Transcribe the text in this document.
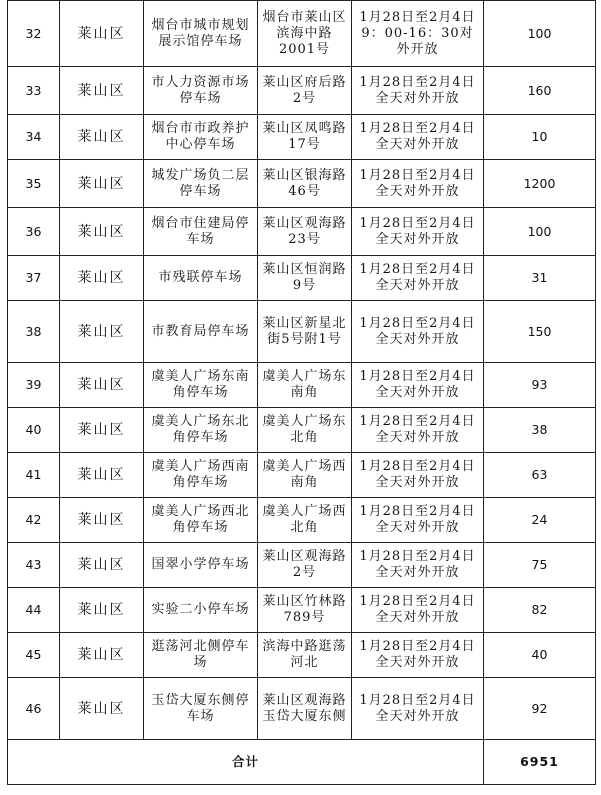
32	莱山区	烟台市城市规划展示馆停车场	烟台市莱山区滨海中路2001号	1月28日至2月4日9：00-16：30对外开放	100
33	莱山区	市人力资源市场停车场	莱山区府后路2号	1月28日至2月4日全天对外开放	160
34	莱山区	烟台市市政养护中心停车场	莱山区凤鸣路17号	1月28日至2月4日全天对外开放	10
35	莱山区	城发广场负二层停车场	莱山区银海路46号	1月28日至2月4日全天对外开放	1200
36	莱山区	烟台市住建局停车场	莱山区观海路23号	1月28日至2月4日全天对外开放	100
37	莱山区	市残联停车场	莱山区恒润路9号	1月28日至2月4日全天对外开放	31
38	莱山区	市教育局停车场	莱山区新星北街5号附1号	1月28日至2月4日全天对外开放	150
39	莱山区	虞美人广场东南角停车场	虞美人广场东南角	1月28日至2月4日全天对外开放	93
40	莱山区	虞美人广场东北角停车场	虞美人广场东北角	1月28日至2月4日全天对外开放	38
41	莱山区	虞美人广场西南角停车场	虞美人广场西南角	1月28日至2月4日全天对外开放	63
42	莱山区	虞美人广场西北角停车场	虞美人广场西北角	1月28日至2月4日全天对外开放	24
43	莱山区	国翠小学停车场	莱山区观海路2号	1月28日至2月4日全天对外开放	75
44	莱山区	实验二小停车场	莱山区竹林路789号	1月28日至2月4日全天对外开放	82
45	莱山区	逛荡河北侧停车场	滨海中路逛荡河北	1月28日至2月4日全天对外开放	40
46	莱山区	玉岱大厦东侧停车场	莱山区观海路玉岱大厦东侧	1月28日至2月4日全天对外开放	92
合计					6951
